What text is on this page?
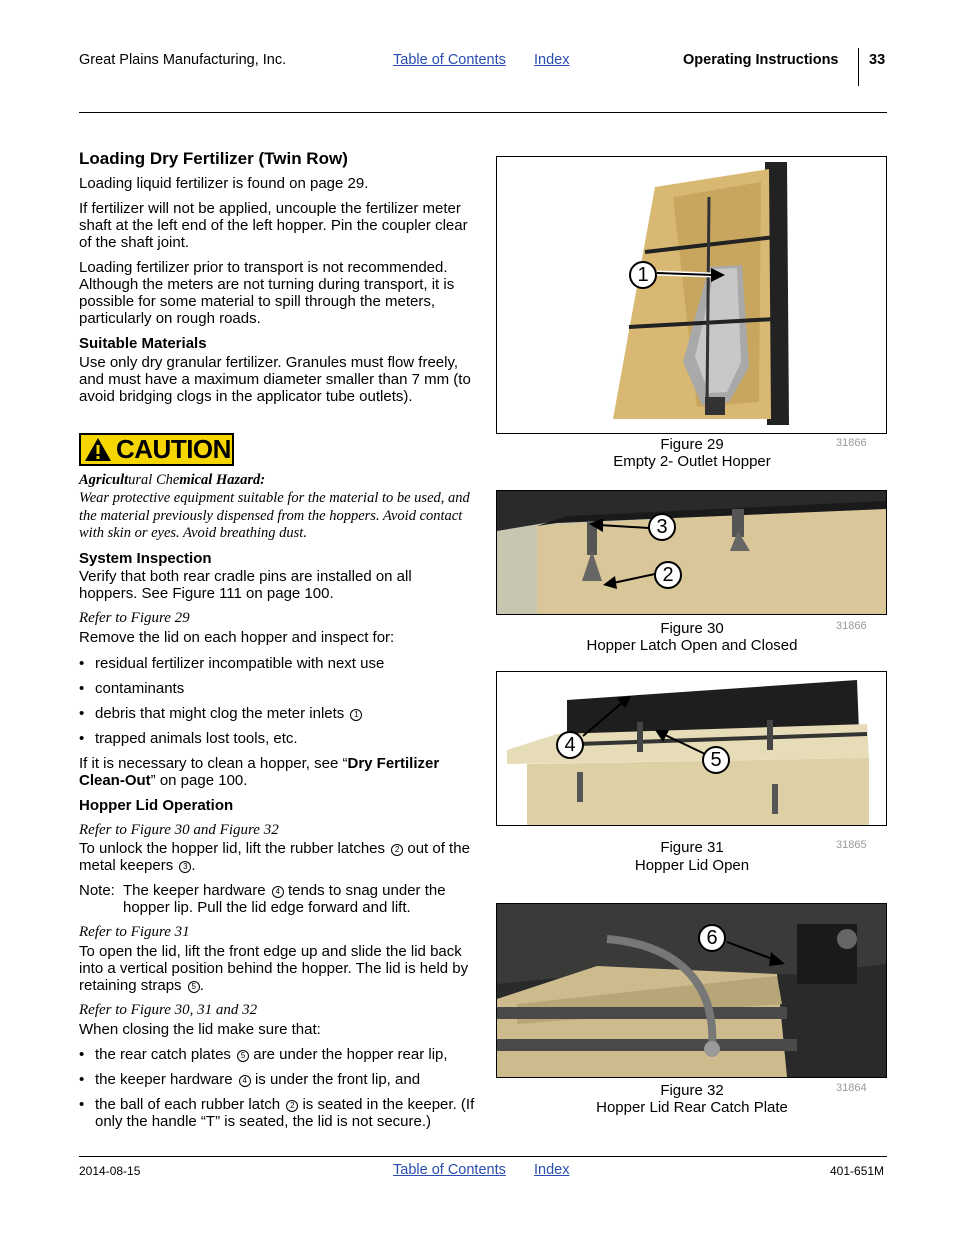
Great Plains Manufacturing, Inc.	Table of Contents Index	Operating Instructions 33
Loading Dry Fertilizer (Twin Row)
Loading liquid fertilizer is found on page 29.
If fertilizer will not be applied, uncouple the fertilizer meter shaft at the left end of the left hopper. Pin the coupler clear of the shaft joint.
Loading fertilizer prior to transport is not recommended. Although the meters are not turning during transport, it is possible for some material to spill through the meters, particularly on rough roads.
Suitable Materials
Use only dry granular fertilizer. Granules must flow freely, and must have a maximum diameter smaller than 7 mm (to avoid bridging clogs in the applicator tube outlets).
CAUTION
Agricultural Chemical Hazard:
Wear protective equipment suitable for the material to be used, and the material previously dispensed from the hoppers. Avoid contact with skin or eyes. Avoid breathing dust.
System Inspection
Verify that both rear cradle pins are installed on all hoppers. See Figure 111 on page 100.
Refer to Figure 29
Remove the lid on each hopper and inspect for:
• residual fertilizer incompatible with next use
• contaminants
• debris that might clog the meter inlets 1
• trapped animals lost tools, etc.
If it is necessary to clean a hopper, see “Dry Fertilizer Clean-Out” on page 100.
Hopper Lid Operation
Refer to Figure 30 and Figure 32
To unlock the hopper lid, lift the rubber latches 2 out of the metal keepers 3 .
Note: The keeper hardware 4 tends to snag under the hopper lip. Pull the lid edge forward and lift.
Refer to Figure 31
To open the lid, lift the front edge up and slide the lid back into a vertical position behind the hopper. The lid is held by retaining straps 5 .
Refer to Figure 30, 31 and 32
When closing the lid make sure that:
• the rear catch plates 5 are under the hopper rear lip,
• the keeper hardware 4 is under the front lip, and
• the ball of each rubber latch 2 is seated in the keeper. (If only the handle “T” is seated, the lid is not secure.)
1
Figure 29
Empty 2- Outlet Hopper
31866
3
2
Figure 30
Hopper Latch Open and Closed
31866
4
5
Figure 31
Hopper Lid Open
31865
6
Figure 32
Hopper Lid Rear Catch Plate
31864
2014-08-15	Table of Contents Index	401-651M
